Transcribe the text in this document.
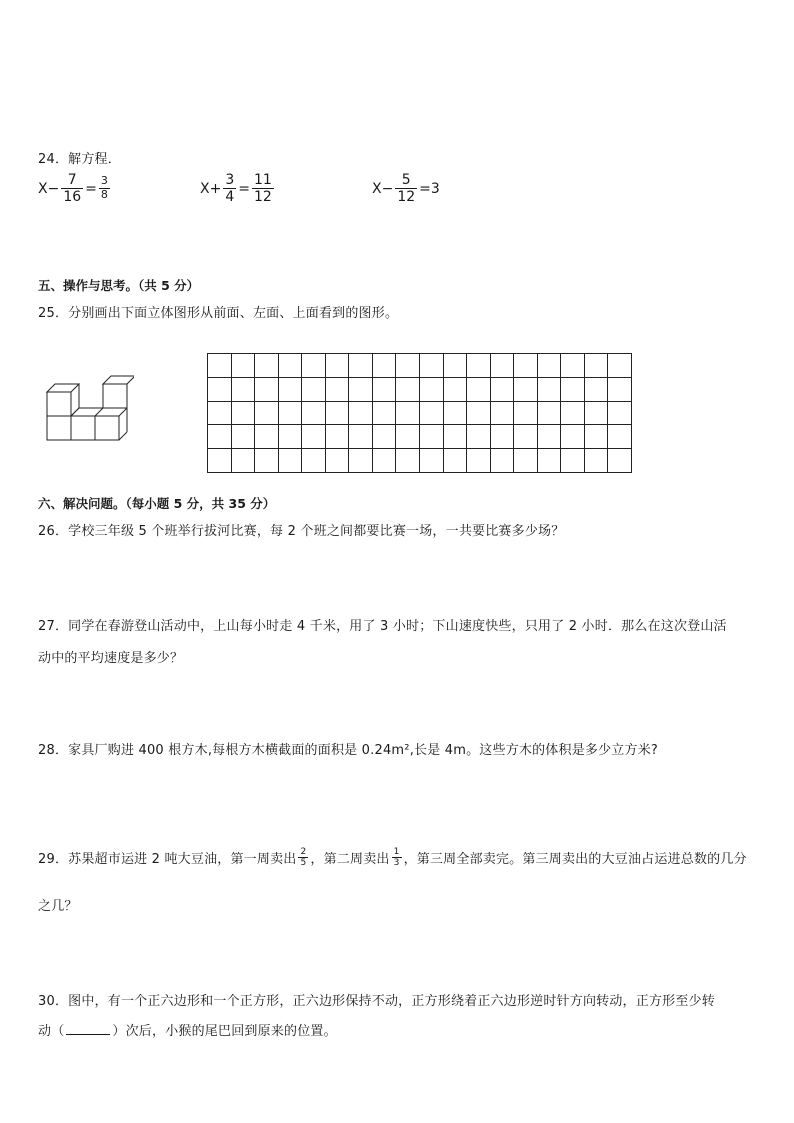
24．解方程．
$X- \frac{7}{16} = \frac{3}{8}$	$X+ \frac{3}{4} = \frac{11}{12}$	$X- \frac{5}{12} = 3$
五、操作与思考。（共 5 分）
25．分别画出下面立体图形从前面、左面、上面看到的图形。
六、解决问题。（每小题 5 分，共 35 分）
26．学校三年级 5 个班举行拔河比赛，每 2 个班之间都要比赛一场，一共要比赛多少场？
27．同学在春游登山活动中，上山每小时走 4 千米，用了 3 小时；下山速度快些，只用了 2 小时．那么在这次登山活
动中的平均速度是多少？
28．家具厂购进 400 根方木,每根方木横截面的面积是 0.24m²,长是 4m。这些方木的体积是多少立方米?
29．苏果超市运进 2 吨大豆油，第一周卖出 $\frac{2}{5}$ ，第二周卖出 $\frac{1}{3}$ ，第三周全部卖完。第三周卖出的大豆油占运进总数的几分
之几？
30．图中，有一个正六边形和一个正方形，正六边形保持不动，正方形绕着正六边形逆时针方向转动，正方形至少转
动（	）次后，小猴的尾巴回到原来的位置。
